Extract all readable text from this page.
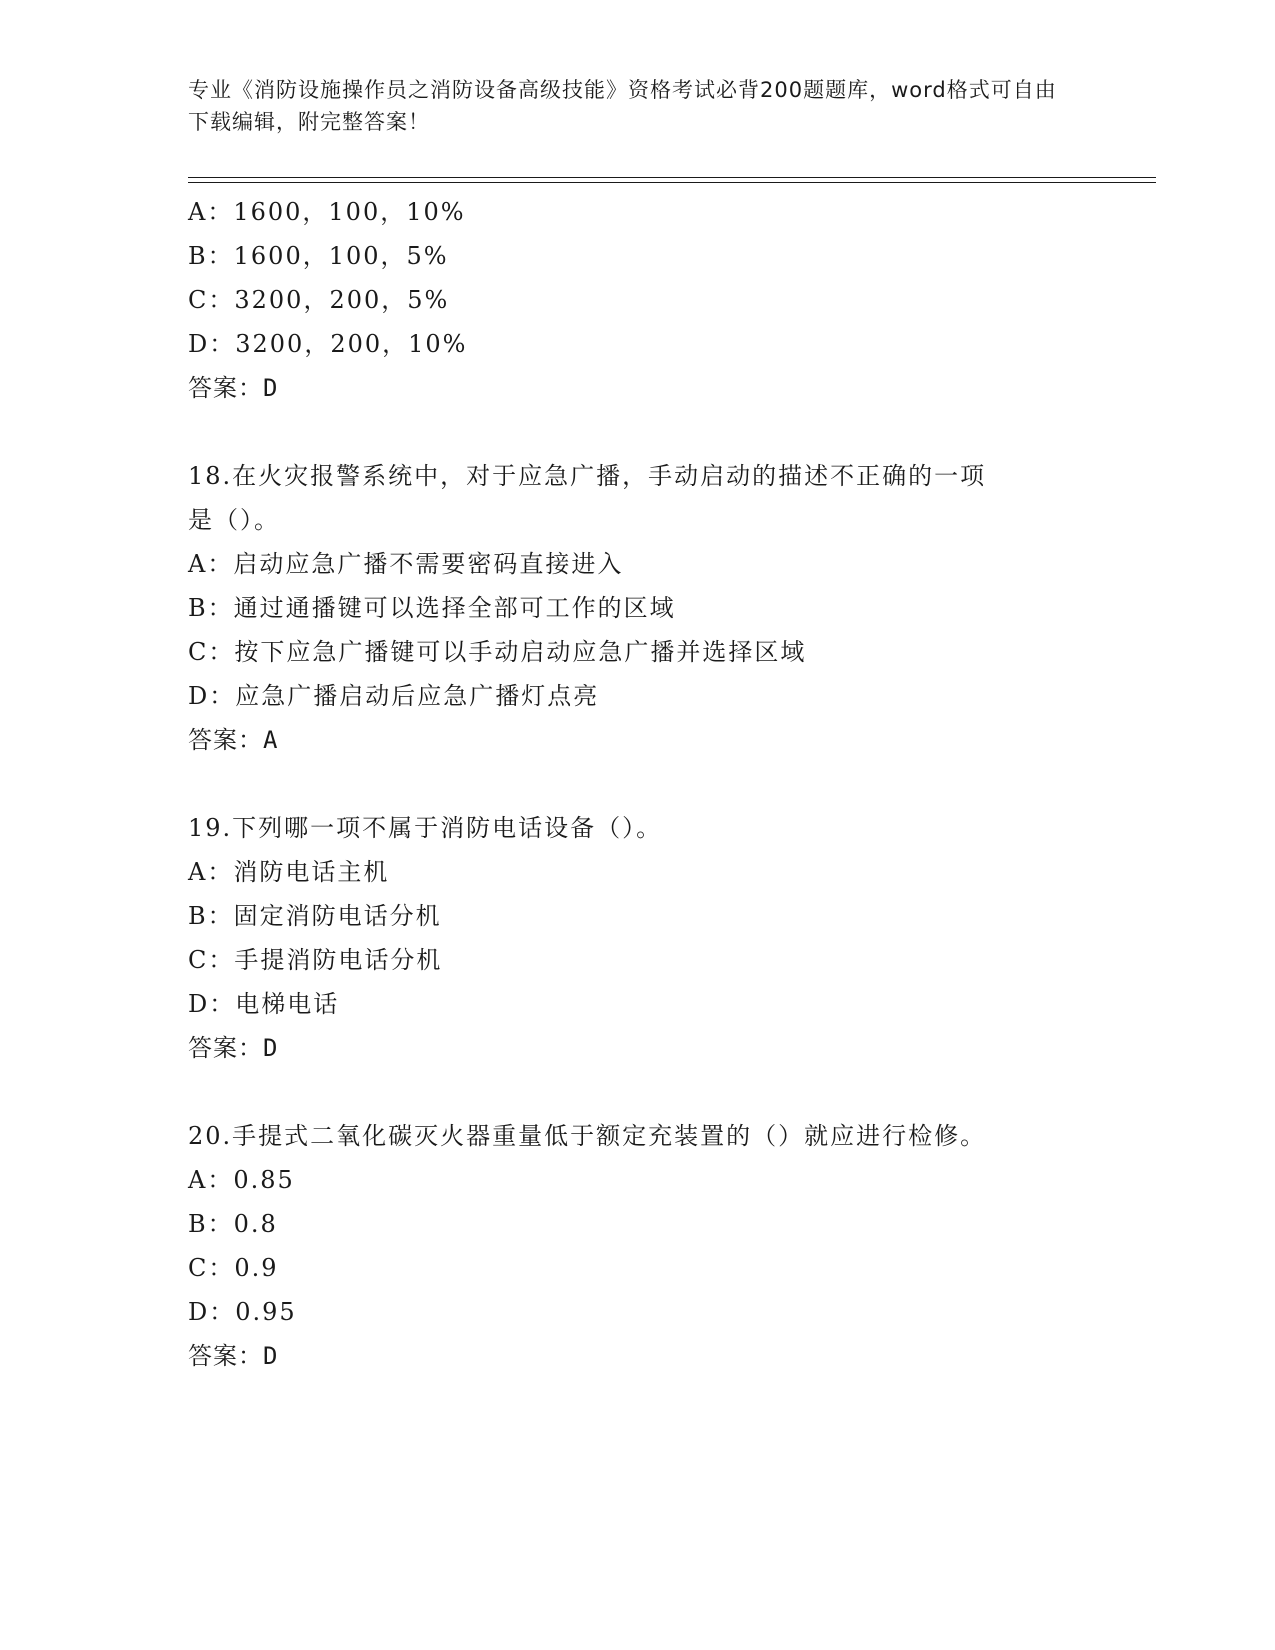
专业《消防设施操作员之消防设备高级技能》资格考试必背200题题库，word格式可自由下载编辑，附完整答案！
A：1600，100，10%
B：1600，100，5%
C：3200，200，5%
D：3200，200，10%
答案：D
18.在火灾报警系统中，对于应急广播，手动启动的描述不正确的一项
是（）。
A：启动应急广播不需要密码直接进入
B：通过通播键可以选择全部可工作的区域
C：按下应急广播键可以手动启动应急广播并选择区域
D：应急广播启动后应急广播灯点亮
答案：A
19.下列哪一项不属于消防电话设备（）。
A：消防电话主机
B：固定消防电话分机
C：手提消防电话分机
D：电梯电话
答案：D
20.手提式二氧化碳灭火器重量低于额定充装置的（）就应进行检修。
A：0.85
B：0.8
C：0.9
D：0.95
答案：D
